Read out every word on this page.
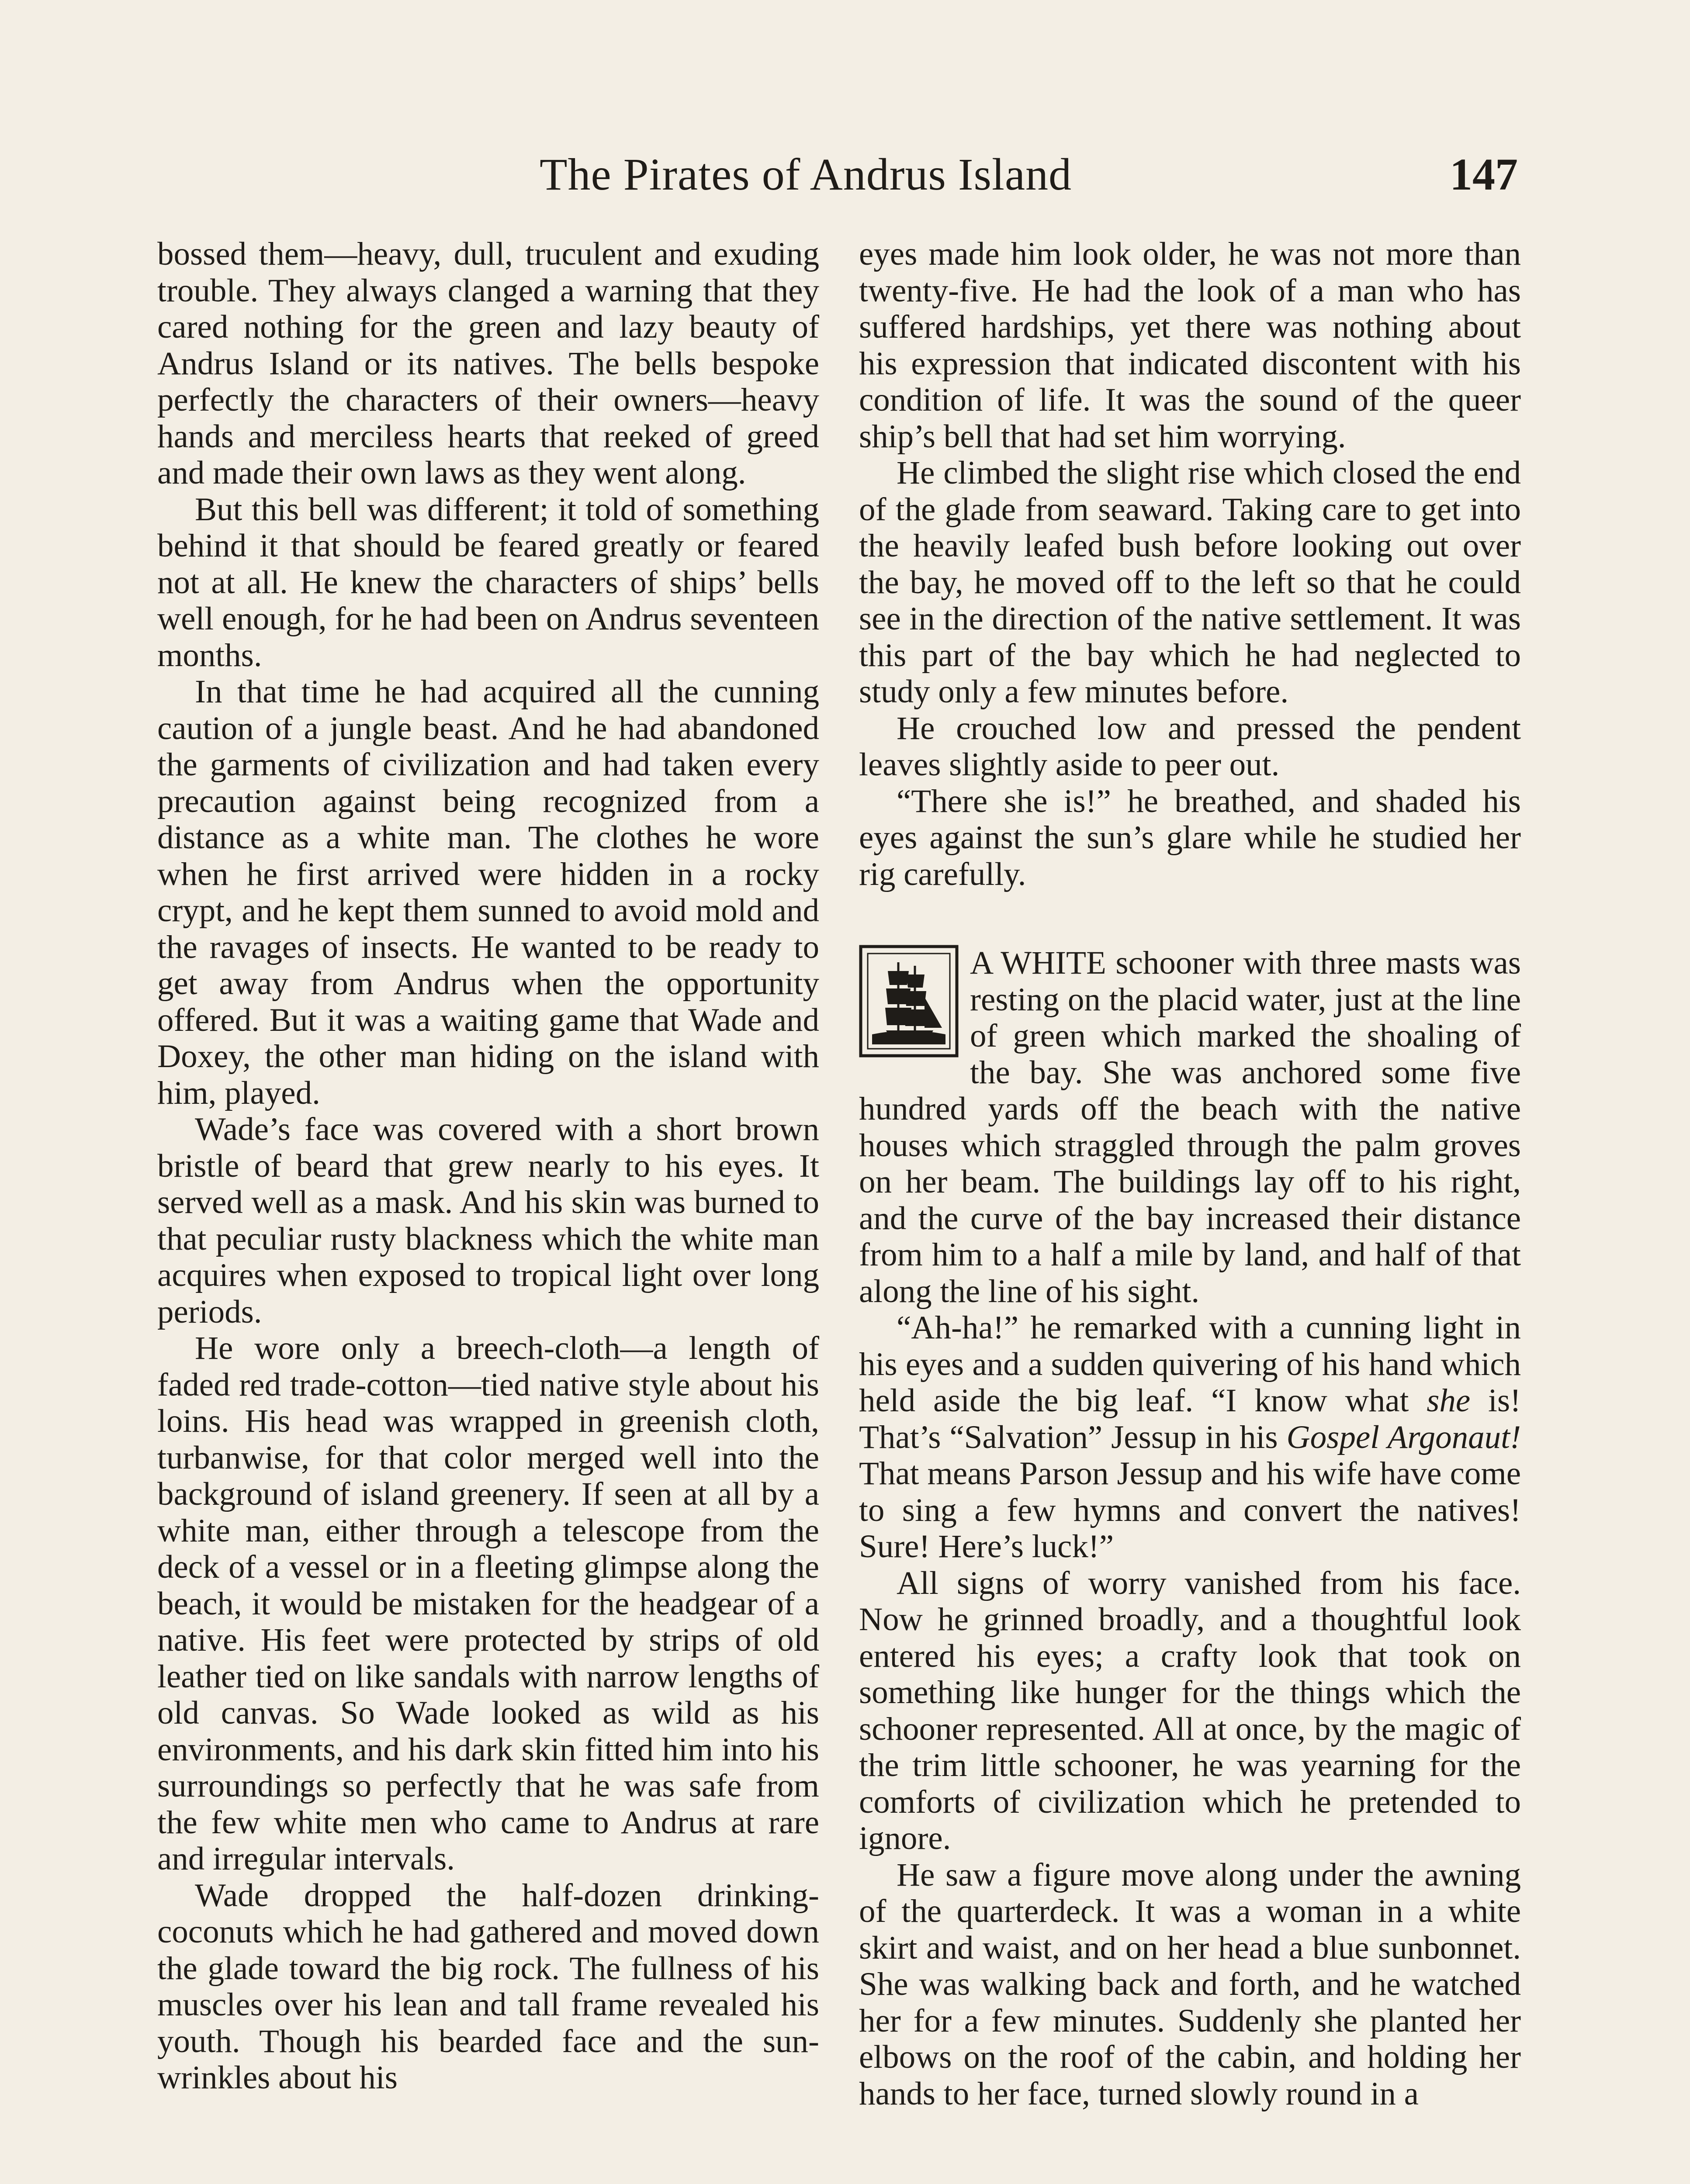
The Pirates of Andrus Island	147

bossed them—heavy, dull, truculent and exuding trouble. They always clanged a warning that they cared nothing for the green and lazy beauty of Andrus Island or its natives. The bells bespoke perfectly the characters of their owners—heavy hands and merciless hearts that reeked of greed and made their own laws as they went along.

But this bell was different; it told of something behind it that should be feared greatly or feared not at all. He knew the characters of ships’ bells well enough, for he had been on Andrus seventeen months.

In that time he had acquired all the cunning caution of a jungle beast. And he had abandoned the garments of civilization and had taken every precaution against being recognized from a distance as a white man. The clothes he wore when he first arrived were hidden in a rocky crypt, and he kept them sunned to avoid mold and the ravages of insects. He wanted to be ready to get away from Andrus when the opportunity offered. But it was a waiting game that Wade and Doxey, the other man hiding on the island with him, played.

Wade’s face was covered with a short brown bristle of beard that grew nearly to his eyes. It served well as a mask. And his skin was burned to that peculiar rusty blackness which the white man acquires when exposed to tropical light over long periods.

He wore only a breech-cloth—a length of faded red trade-cotton—tied native style about his loins. His head was wrapped in greenish cloth, turbanwise, for that color merged well into the background of island greenery. If seen at all by a white man, either through a telescope from the deck of a vessel or in a fleeting glimpse along the beach, it would be mistaken for the headgear of a native. His feet were protected by strips of old leather tied on like sandals with narrow lengths of old canvas. So Wade looked as wild as his environments, and his dark skin fitted him into his surroundings so perfectly that he was safe from the few white men who came to Andrus at rare and irregular intervals.

Wade dropped the half-dozen drinking-coconuts which he had gathered and moved down the glade toward the big rock. The fullness of his muscles over his lean and tall frame revealed his youth. Though his bearded face and the sun-wrinkles about his

eyes made him look older, he was not more than twenty-five. He had the look of a man who has suffered hardships, yet there was nothing about his expression that indicated discontent with his condition of life. It was the sound of the queer ship’s bell that had set him worrying.

He climbed the slight rise which closed the end of the glade from seaward. Taking care to get into the heavily leafed bush before looking out over the bay, he moved off to the left so that he could see in the direction of the native settlement. It was this part of the bay which he had neglected to study only a few minutes before.

He crouched low and pressed the pendent leaves slightly aside to peer out.

“There she is!” he breathed, and shaded his eyes against the sun’s glare while he studied her rig carefully.

A WHITE schooner with three masts was resting on the placid water, just at the line of green which marked the shoaling of the bay. She was anchored some five hundred yards off the beach with the native houses which straggled through the palm groves on her beam. The buildings lay off to his right, and the curve of the bay increased their distance from him to a half a mile by land, and half of that along the line of his sight.

“Ah-ha!” he remarked with a cunning light in his eyes and a sudden quivering of his hand which held aside the big leaf. “I know what she is! That’s “Salvation” Jessup in his Gospel Argonaut! That means Parson Jessup and his wife have come to sing a few hymns and convert the natives! Sure! Here’s luck!”

All signs of worry vanished from his face. Now he grinned broadly, and a thoughtful look entered his eyes; a crafty look that took on something like hunger for the things which the schooner represented. All at once, by the magic of the trim little schooner, he was yearning for the comforts of civilization which he pretended to ignore.

He saw a figure move along under the awning of the quarterdeck. It was a woman in a white skirt and waist, and on her head a blue sunbonnet. She was walking back and forth, and he watched her for a few minutes. Suddenly she planted her elbows on the roof of the cabin, and holding her hands to her face, turned slowly round in a
